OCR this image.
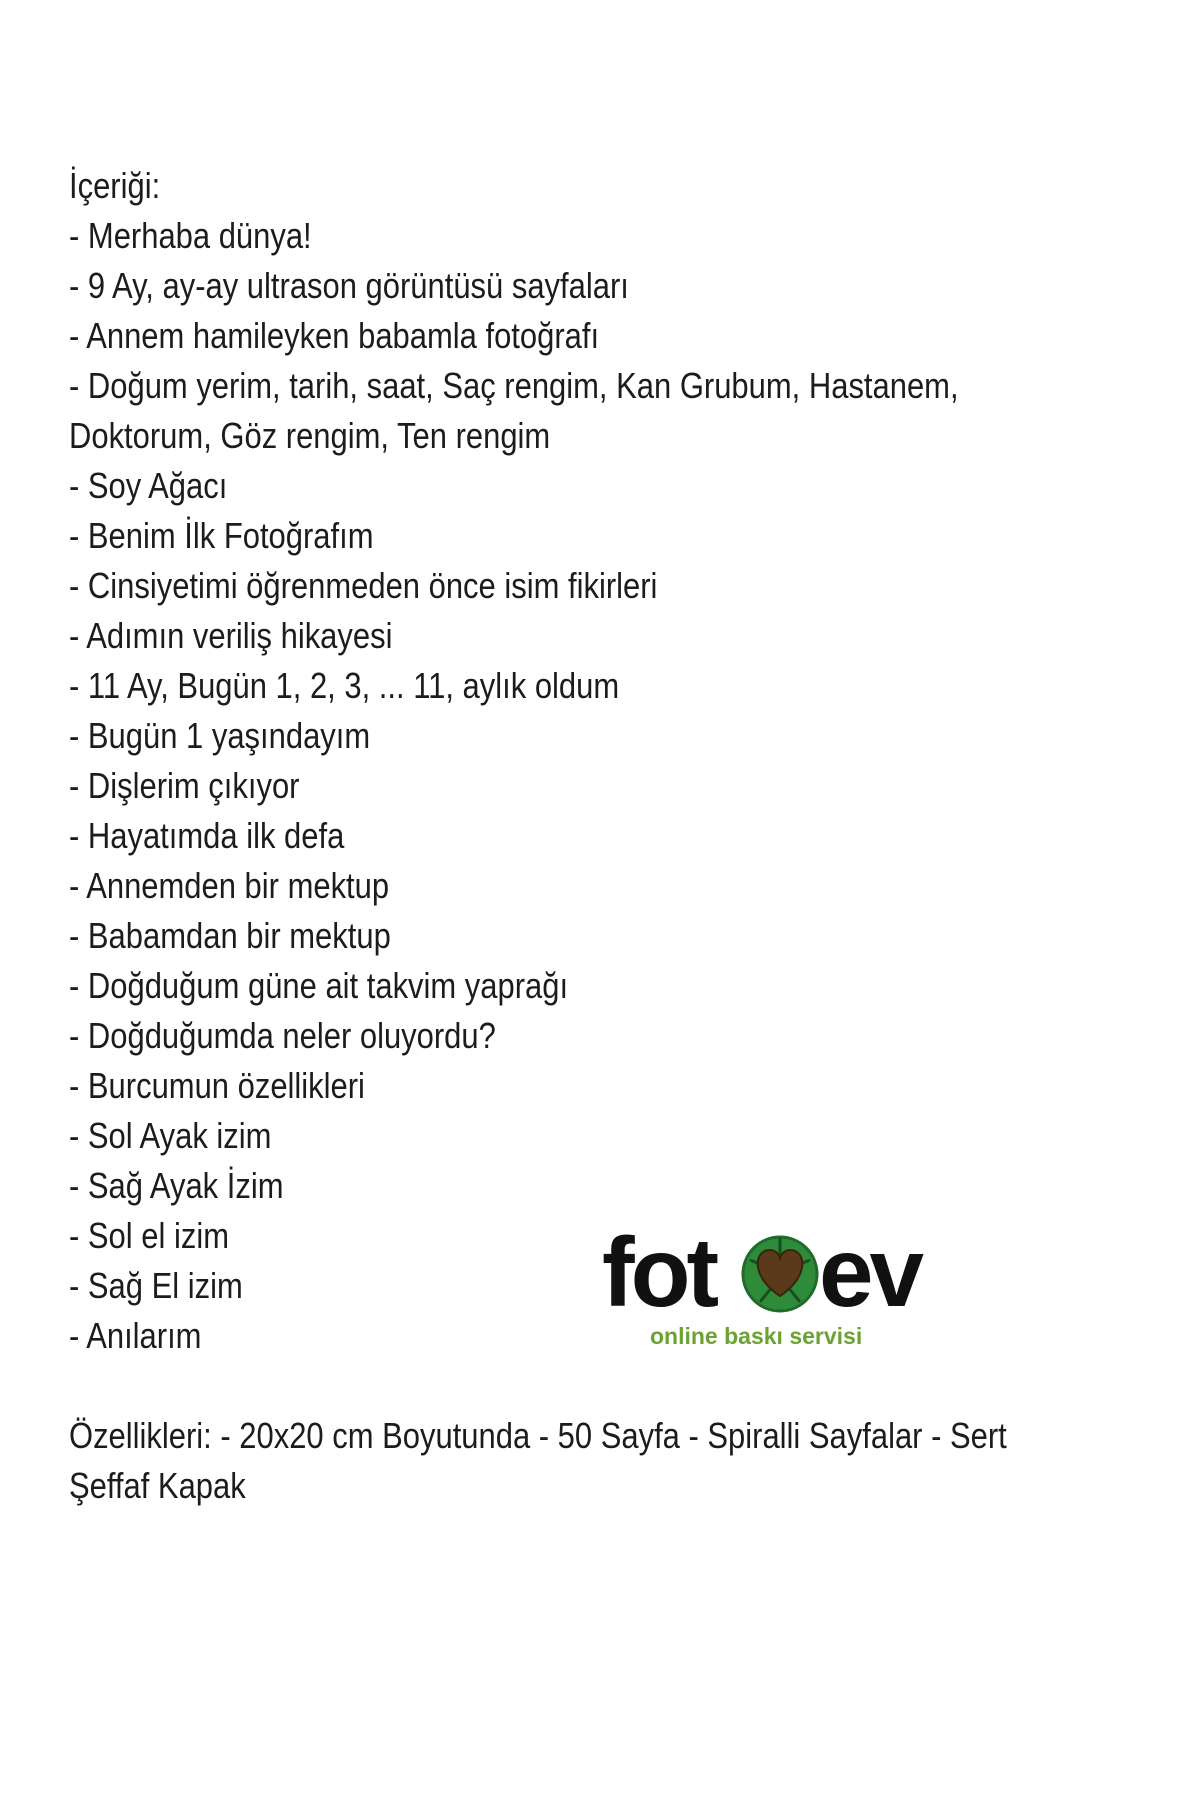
İçeriği:

- Merhaba dünya!
- 9 Ay, ay-ay ultrason görüntüsü sayfaları
- Annem hamileyken babamla fotoğrafı
- Doğum yerim, tarih, saat, Saç rengim, Kan Grubum, Hastanem, Doktorum, Göz rengim, Ten rengim
- Soy Ağacı
- Benim İlk Fotoğrafım
- Cinsiyetimi öğrenmeden önce isim fikirleri
- Adımın veriliş hikayesi
- 11 Ay, Bugün 1, 2, 3, ... 11, aylık oldum
- Bugün 1 yaşındayım
- Dişlerim çıkıyor
- Hayatımda ilk defa
- Annemden bir mektup
- Babamdan bir mektup
- Doğduğum güne ait takvim yaprağı
- Doğduğumda neler oluyordu?
- Burcumun özellikleri
- Sol Ayak izim
- Sağ Ayak İzim
- Sol el izim
- Sağ El izim
- Anılarım

Özellikleri: - 20x20 cm Boyutunda - 50 Sayfa - Spiralli Sayfalar - Sert Şeffaf Kapak

fot ev
online baskı servisi
